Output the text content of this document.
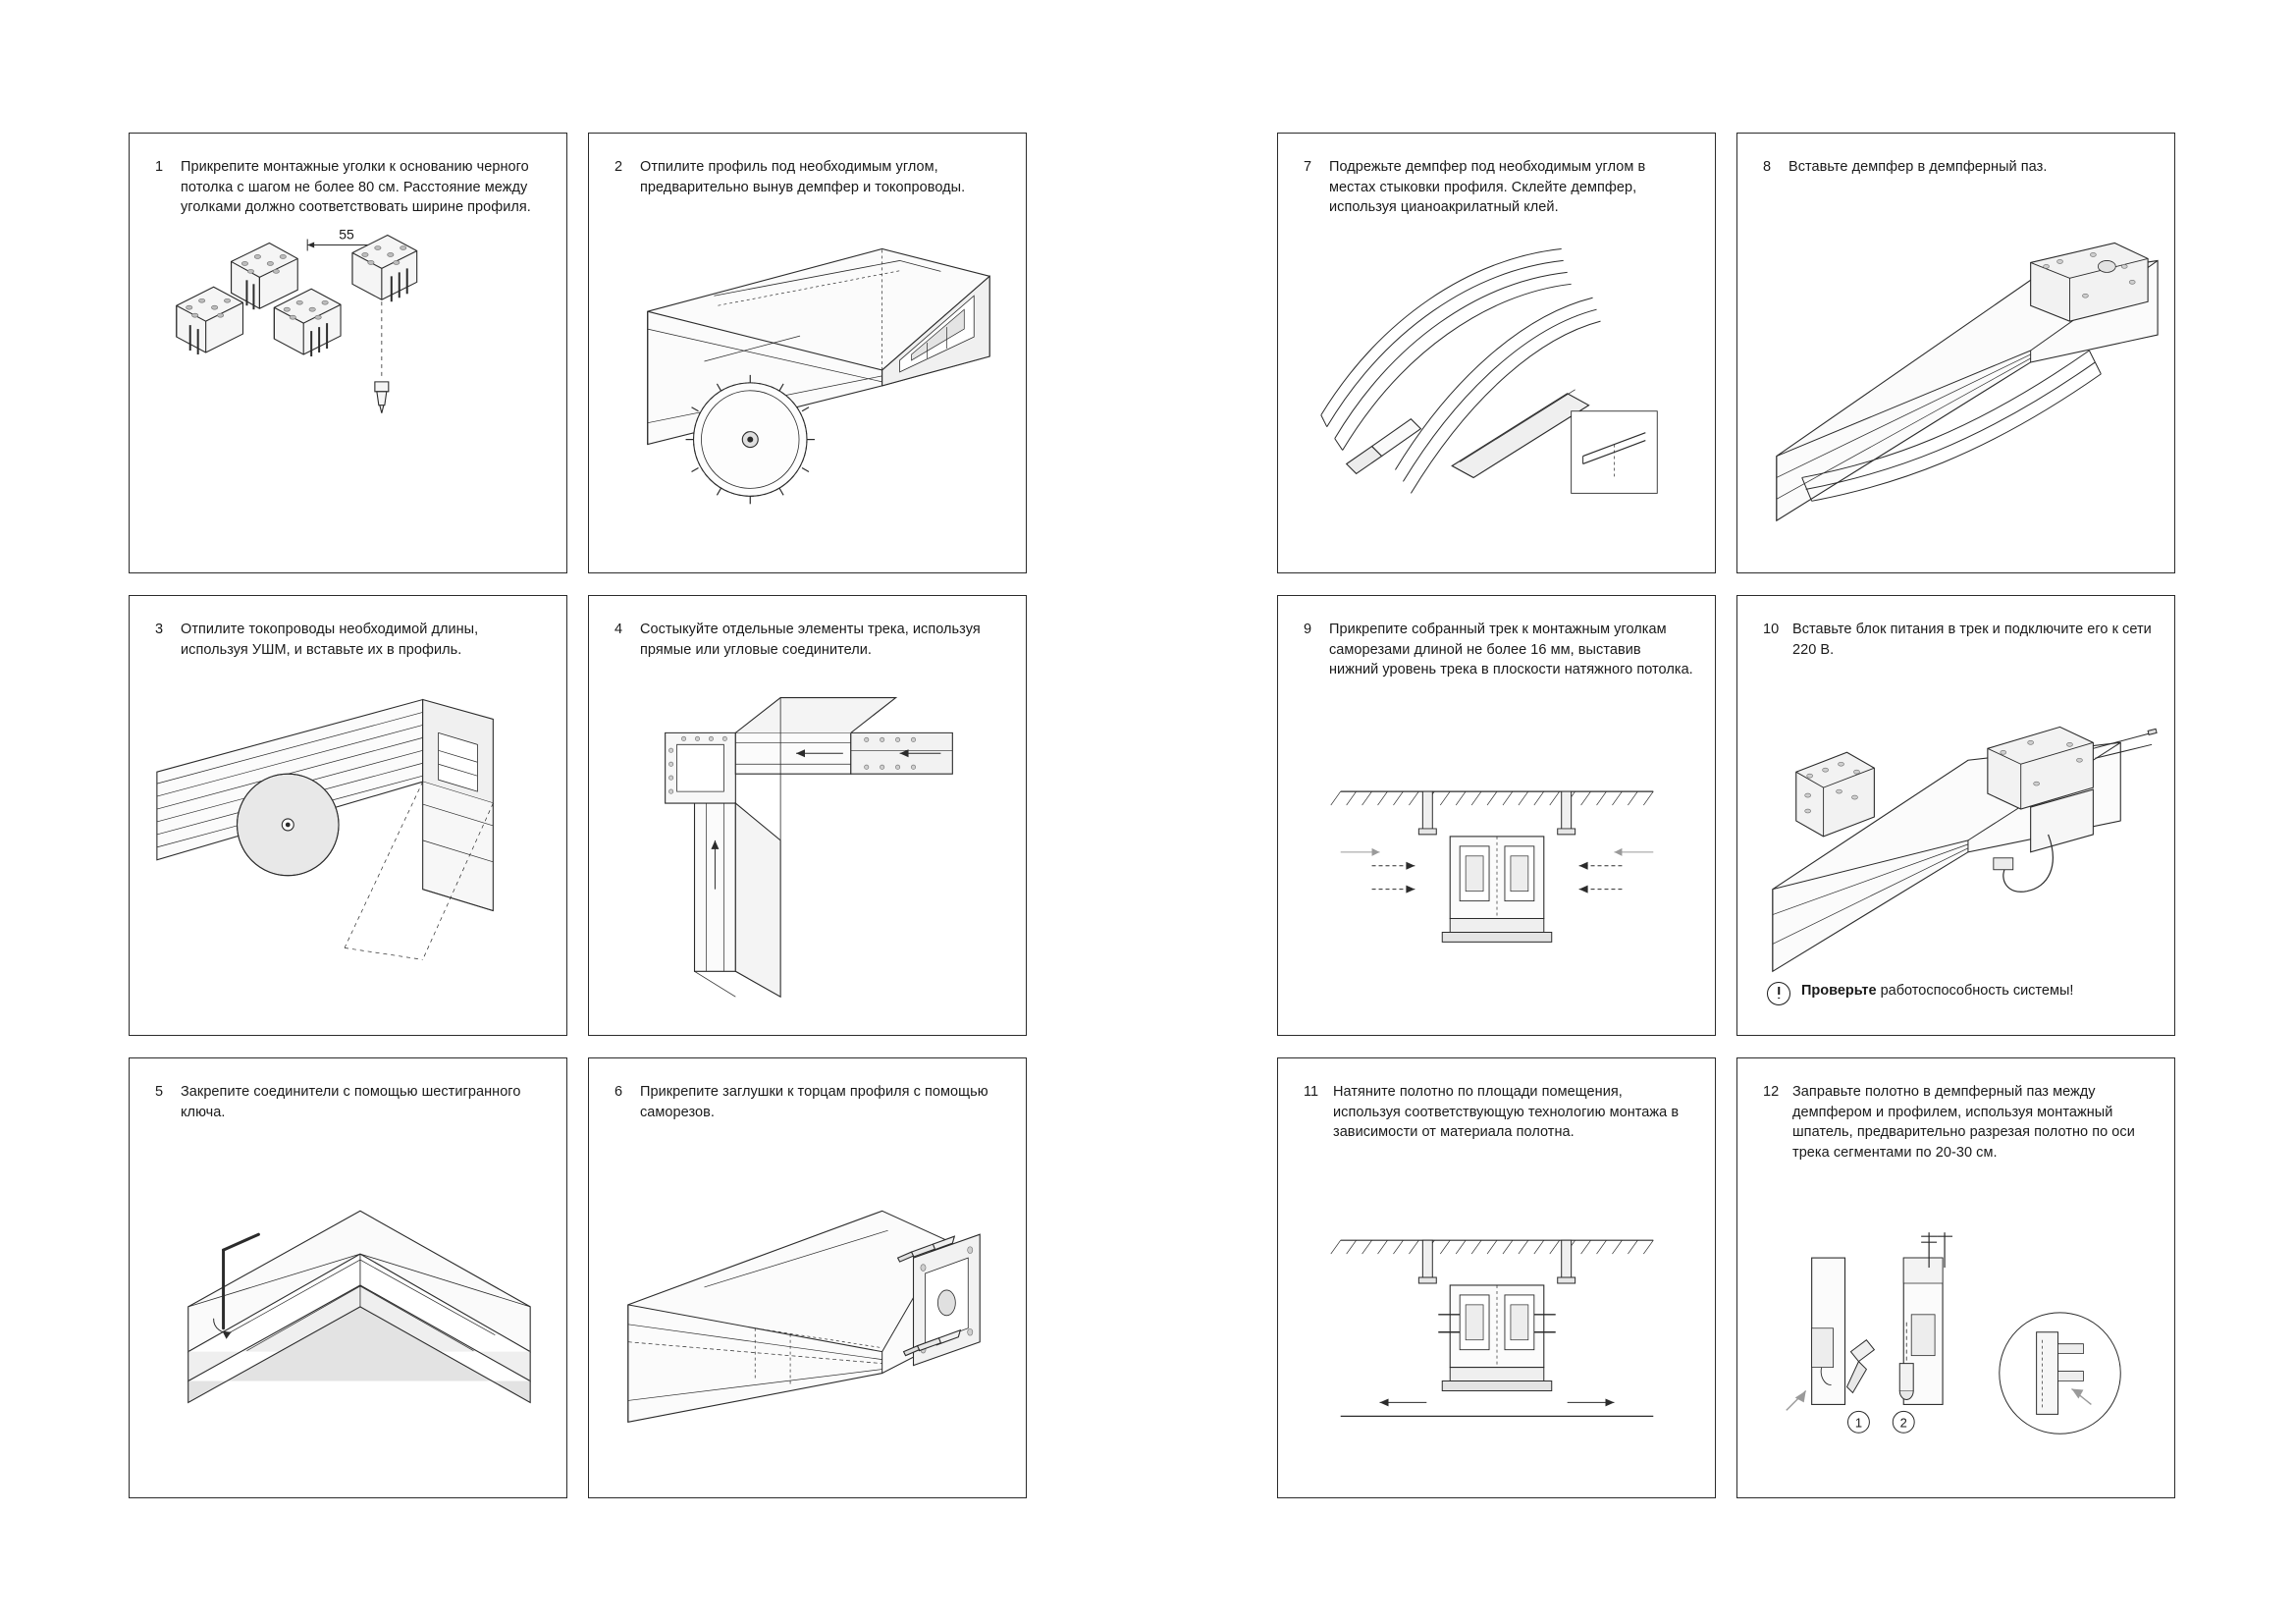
1	Прикрепите монтажные уголки к основанию черного потолка с шагом не более 80 см. Расстояние между уголками должно соответствовать ширине профиля.
55
2	Отпилите профиль под необходимым углом, предварительно вынув демпфер и токопроводы.
3	Отпилите токопроводы необходимой длины, используя УШМ, и вставьте их в профиль.
4	Состыкуйте отдельные элементы трека, используя прямые или угловые соединители.
5	Закрепите соединители с помощью шестигранного ключа.
6	Прикрепите заглушки к торцам профиля с помощью саморезов.
7	Подрежьте демпфер под необходимым углом в местах стыковки профиля. Склейте демпфер, используя цианоакрилатный клей.
8	Вставьте демпфер в демпферный паз.
9	Прикрепите собранный трек к монтажным уголкам саморезами длиной не более 16 мм, выставив нижний уровень трека в плоскости натяжного потолка.
10 Вставьте блок питания в трек и подключите его к сети 220 В.
Проверьте работоспособность системы!
11	Натяните полотно по площади помещения, используя соответствующую технологию монтажа в зависимости от материала полотна.
12 Заправьте полотно в демпферный паз между демпфером и профилем, используя монтажный шпатель, предварительно разрезая полотно по оси трека сегментами по 20-30 см.
1	2
